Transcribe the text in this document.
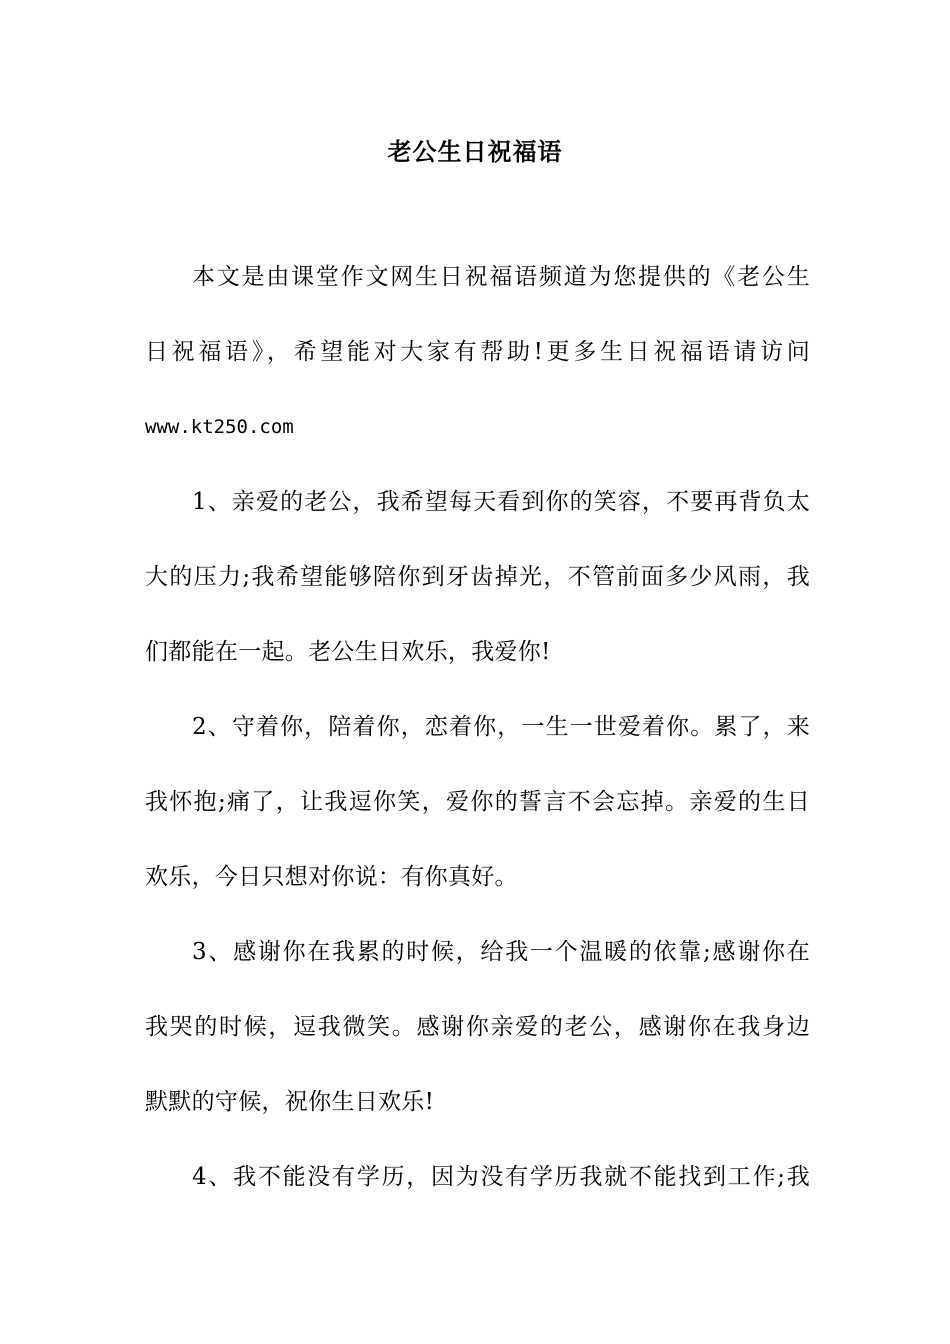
老公生日祝福语
本文是由课堂作文网生日祝福语频道为您提供的《老公生
日祝福语》，希望能对大家有帮助!更多生日祝福语请访问
www.kt250.com
1、亲爱的老公，我希望每天看到你的笑容，不要再背负太
大的压力;我希望能够陪你到牙齿掉光，不管前面多少风雨，我
们都能在一起。老公生日欢乐，我爱你!
2、守着你，陪着你，恋着你，一生一世爱着你。累了，来
我怀抱;痛了，让我逗你笑，爱你的誓言不会忘掉。亲爱的生日
欢乐，今日只想对你说：有你真好。
3、感谢你在我累的时候，给我一个温暖的依靠;感谢你在
我哭的时候，逗我微笑。感谢你亲爱的老公，感谢你在我身边
默默的守候，祝你生日欢乐!
4、我不能没有学历，因为没有学历我就不能找到工作;我
